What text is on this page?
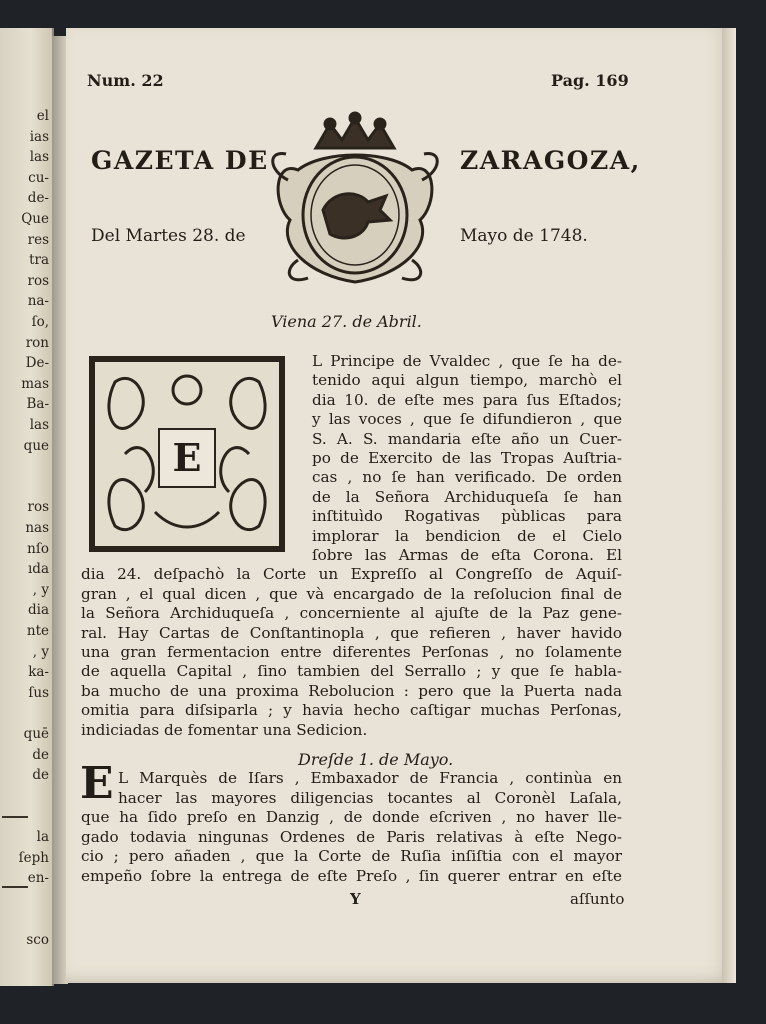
el
ias
las
cu-
de-
Que
res
tra
ros
na-
ſo,
ron
De-
mas
Ba-
las
que
ros
nas
nſo
ıda
, y
dia
nte
, y
ka-
ſus
quē
de
de
la
ſeph
en-
sco
Num. 22	Pag. 169
GAZETA DE	ZARAGOZA,
Del Martes 28. de	Mayo de 1748.
Viena 27. de Abril.
E
L Principe de Vvaldec , que ſe ha de-
tenido aqui algun tiempo, marchò el
dia 10. de eſte mes para ſus Eſtados;
y las voces , que ſe difundieron , que
S. A. S. mandaria eſte año un Cuer-
po de Exercito de las Tropas Auſtria-
cas , no ſe han verificado. De orden
de la Señora Archiduqueſa ſe han
inſtituìdo Rogativas pùblicas para
implorar la bendicion de el Cielo
ſobre las Armas de eſta Corona. El
dia 24. deſpachò la Corte un Expreſſo al Congreſſo de Aquiſ-
gran , el qual dicen , que và encargado de la reſolucion final de
la Señora Archiduqueſa , concerniente al ajuſte de la Paz gene-
ral. Hay Cartas de Conſtantinopla , que refieren , haver havido
una gran fermentacion entre diferentes Perſonas , no ſolamente
de aquella Capital , ſino tambien del Serrallo ; y que ſe habla-
ba mucho de una proxima Rebolucion : pero que la Puerta nada
omitia para diſsiparla ; y havia hecho caſtigar muchas Perſonas,
indiciadas de fomentar una Sedicion.
Dreſde 1. de Mayo.
E L Marquès de Iſars , Embaxador de Francia , continùa en
hacer las mayores diligencias tocantes al Coronèl Laſala,
que ha ſido preſo en Danzig , de donde eſcriven , no haver lle-
gado todavia ningunas Ordenes de Paris relativas à eſte Nego-
cio ; pero añaden , que la Corte de Ruſia inſiſtia con el mayor
empeño ſobre la entrega de eſte Preſo , ſin querer entrar en eſte
Y	aſſunto
